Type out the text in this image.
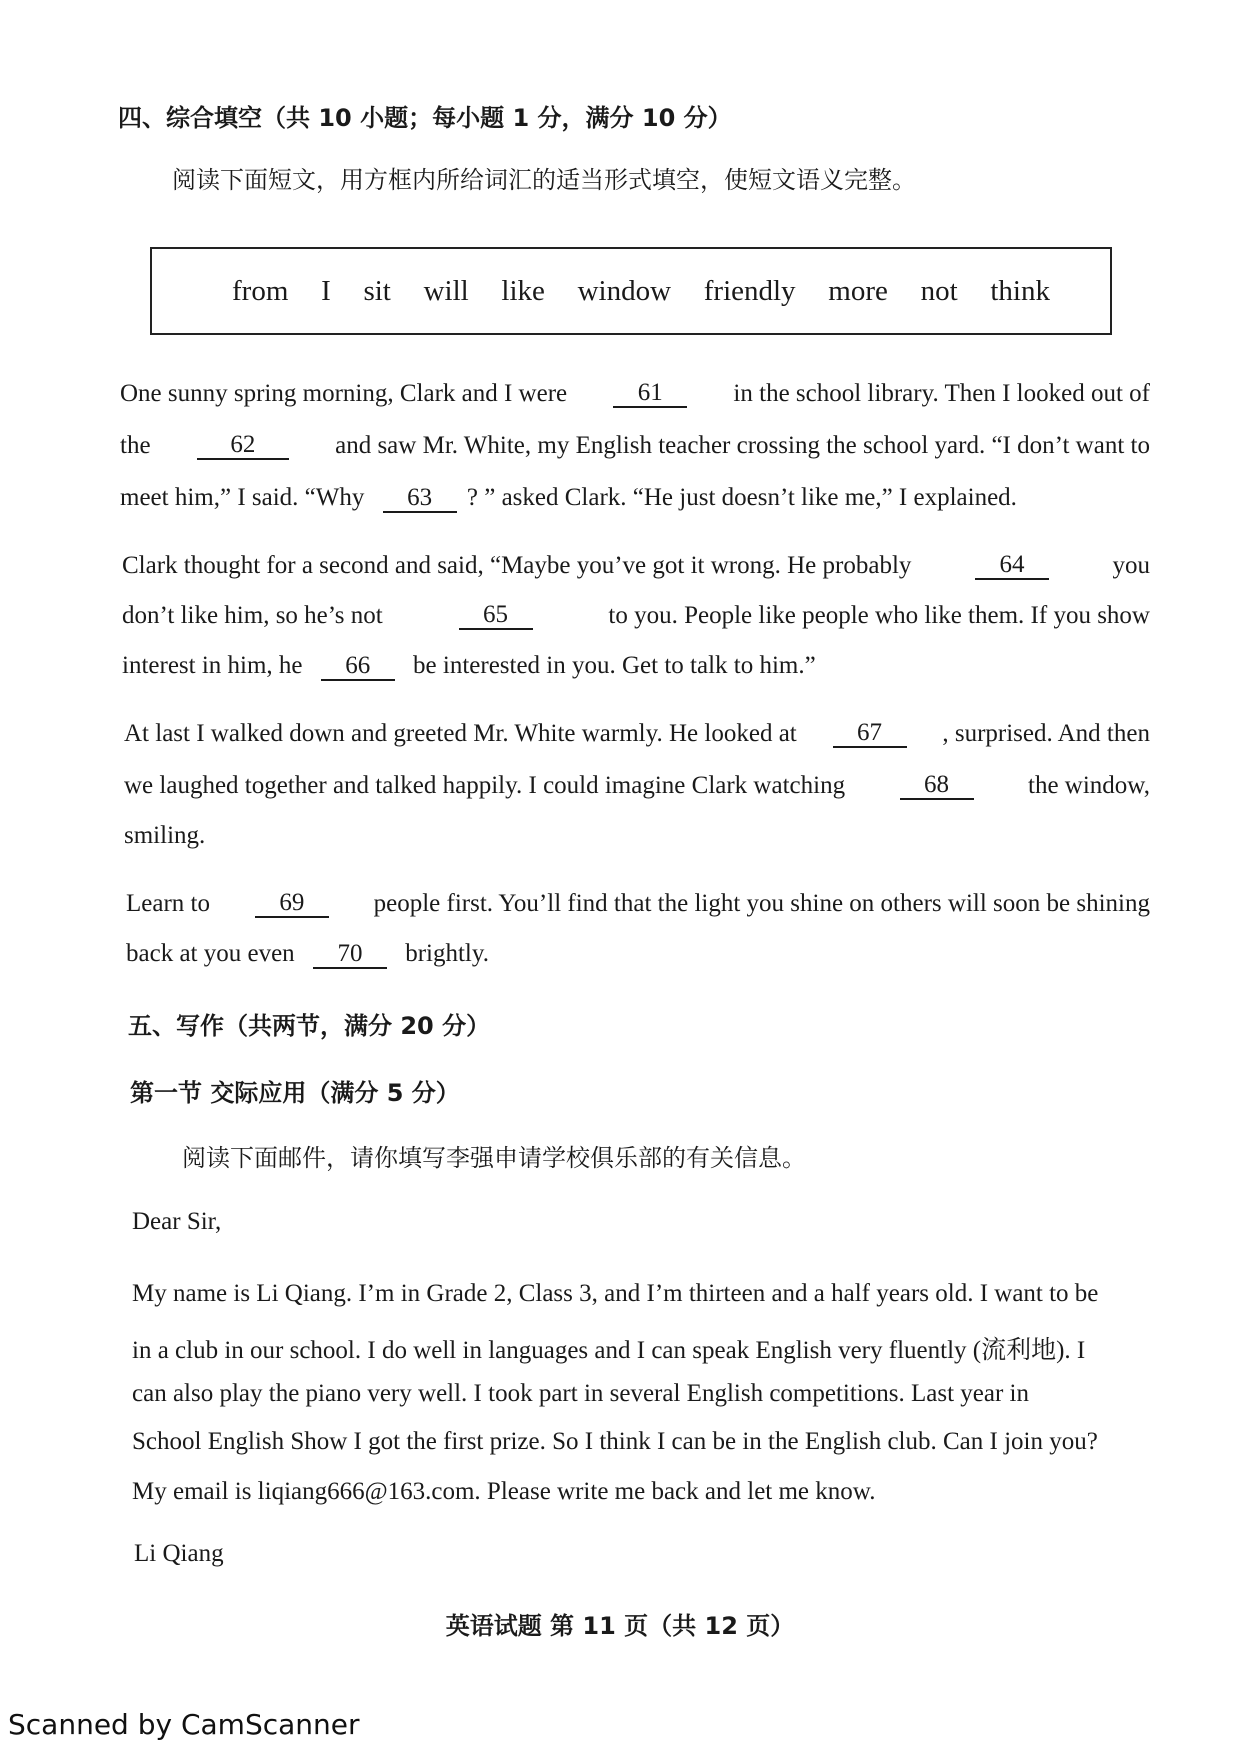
四、综合填空（共 10 小题；每小题 1 分，满分 10 分）
阅读下面短文，用方框内所给词汇的适当形式填空，使短文语义完整。
from I sit will like window friendly more not think
One sunny spring morning, Clark and I were	61	in the school library. Then I looked out of
the	62	and saw Mr. White, my English teacher crossing the school yard. “I don’t want to
meet him,” I said. “Why 63 ? ” asked Clark. “He just doesn’t like me,” I explained.
Clark thought for a second and said, “Maybe you’ve got it wrong. He probably	64	you
don’t like him, so he’s not	65	to you. People like people who like them. If you show
interest in him, he 66 be interested in you. Get to talk to him.”
At last I walked down and greeted Mr. White warmly. He looked at	67	, surprised. And then
we laughed together and talked happily. I could imagine Clark watching	68	the window,
smiling.
Learn to	69	people first. You’ll find that the light you shine on others will soon be shining
back at you even 70 brightly.
五、写作（共两节，满分 20 分）
第一节 交际应用（满分 5 分）
阅读下面邮件，请你填写李强申请学校俱乐部的有关信息。
Dear Sir,
My name is Li Qiang. I’m in Grade 2, Class 3, and I’m thirteen and a half years old. I want to be
in a club in our school. I do well in languages and I can speak English very fluently (流利地). I
can also play the piano very well. I took part in several English competitions. Last year in
School English Show I got the first prize. So I think I can be in the English club. Can I join you?
My email is liqiang666@163.com. Please write me back and let me know.
Li Qiang
英语试题 第 11 页（共 12 页）
Scanned by CamScanner
